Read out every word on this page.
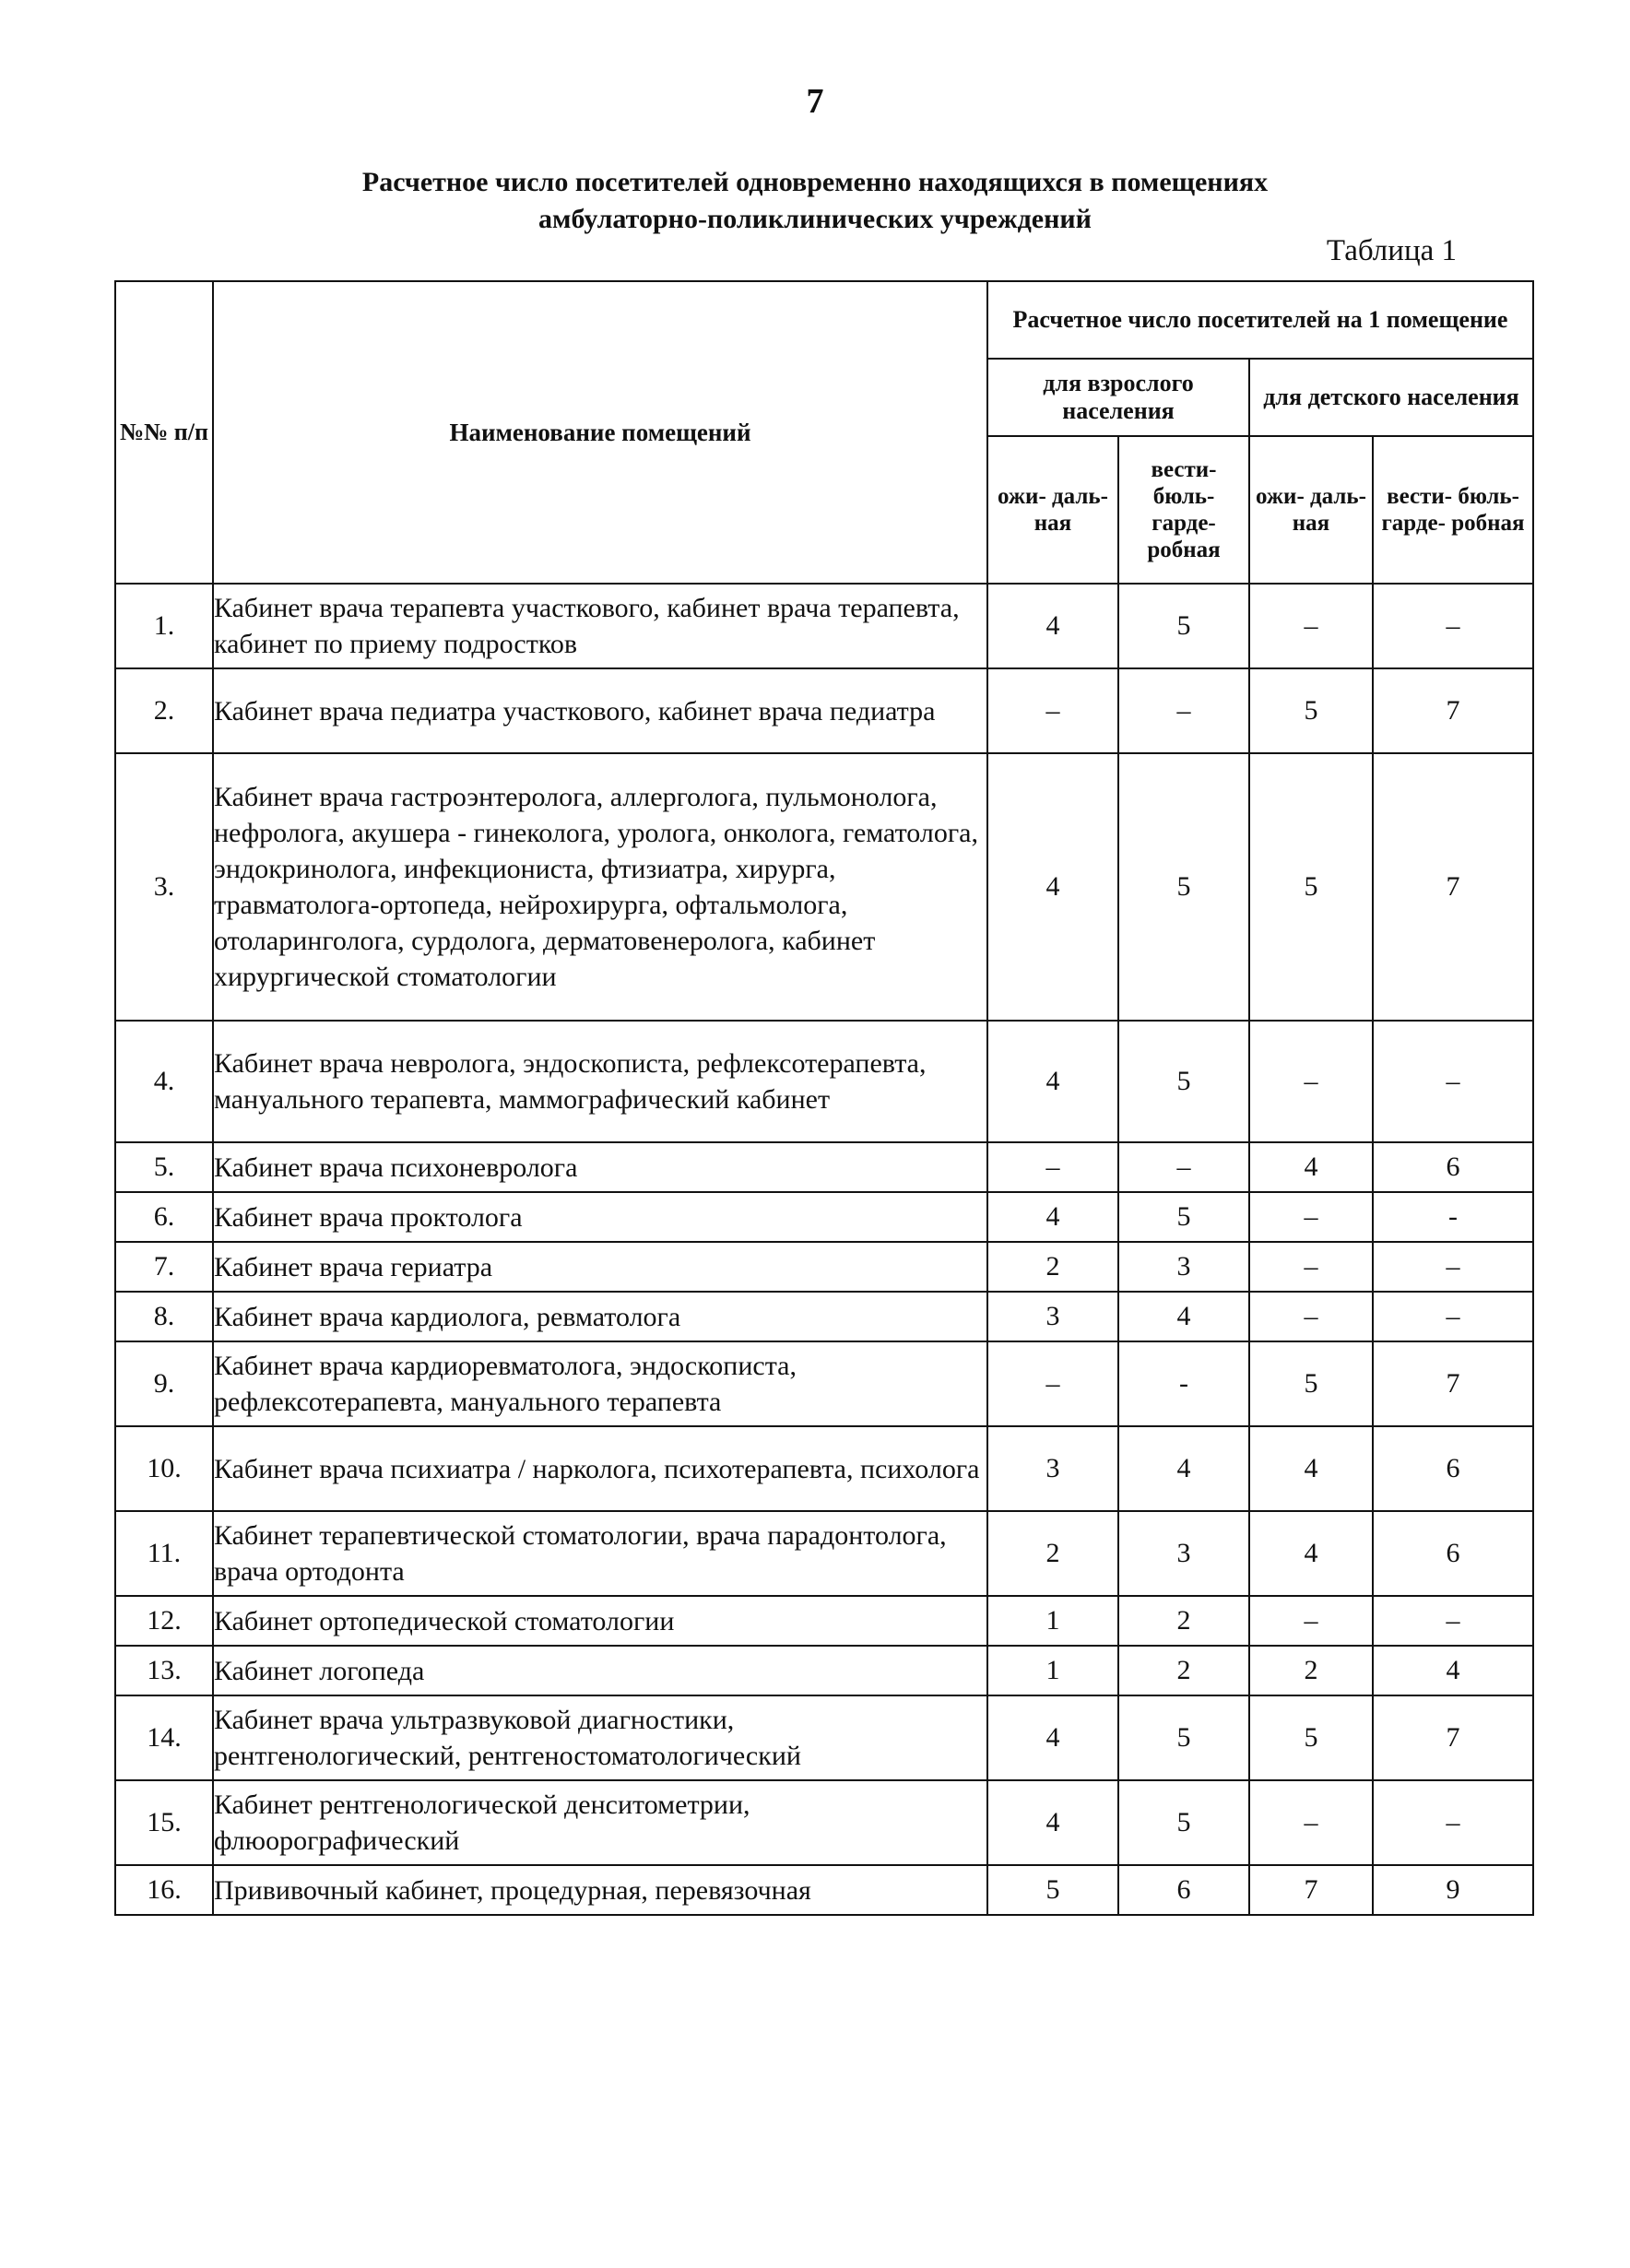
7
Расчетное число посетителей одновременно находящихся в помещениях
амбулаторно-поликлинических учреждений
Таблица 1
№№ п/п	Наименование помещений	Расчетное число посетителей на 1 помещение			
		для взрослого населения		для детского населения	
		ожи- даль- ная	вести- бюль- гарде- робная	ожи- даль- ная	вести- бюль- гарде- робная
1.	Кабинет врача терапевта участкового, кабинет врача терапевта, кабинет по приему подростков	4	5	–	–
2.	Кабинет врача педиатра участкового, кабинет врача педиатра	–	–	5	7
3.	Кабинет врача гастроэнтеролога, аллерголога, пульмонолога, нефролога, акушера - гинеколога, уролога, онколога, гематолога, эндокринолога, инфекциониста, фтизиатра, хирурга, травматолога-ортопеда, нейрохирурга, офтальмолога, отоларинголога, сурдолога, дерматовенеролога, кабинет хирургической стоматологии	4	5	5	7
4.	Кабинет врача невролога, эндоскописта, рефлексотерапевта, мануального терапевта, маммографический кабинет	4	5	–	–
5.	Кабинет врача психоневролога	–	–	4	6
6.	Кабинет врача проктолога	4	5	–	-
7.	Кабинет врача гериатра	2	3	–	–
8.	Кабинет врача кардиолога, ревматолога	3	4	–	–
9.	Кабинет врача кардиоревматолога, эндоскописта, рефлексотерапевта, мануального терапевта	–	-	5	7
10.	Кабинет врача психиатра / нарколога, психотерапевта, психолога	3	4	4	6
11.	Кабинет терапевтической стоматологии, врача парадонтолога, врача ортодонта	2	3	4	6
12.	Кабинет ортопедической стоматологии	1	2	–	–
13.	Кабинет логопеда	1	2	2	4
14.	Кабинет врача ультразвуковой диагностики, рентгенологический, рентгеностоматологический	4	5	5	7
15.	Кабинет рентгенологической денситометрии, флюорографический	4	5	–	–
16.	Прививочный кабинет, процедурная, перевязочная	5	6	7	9
